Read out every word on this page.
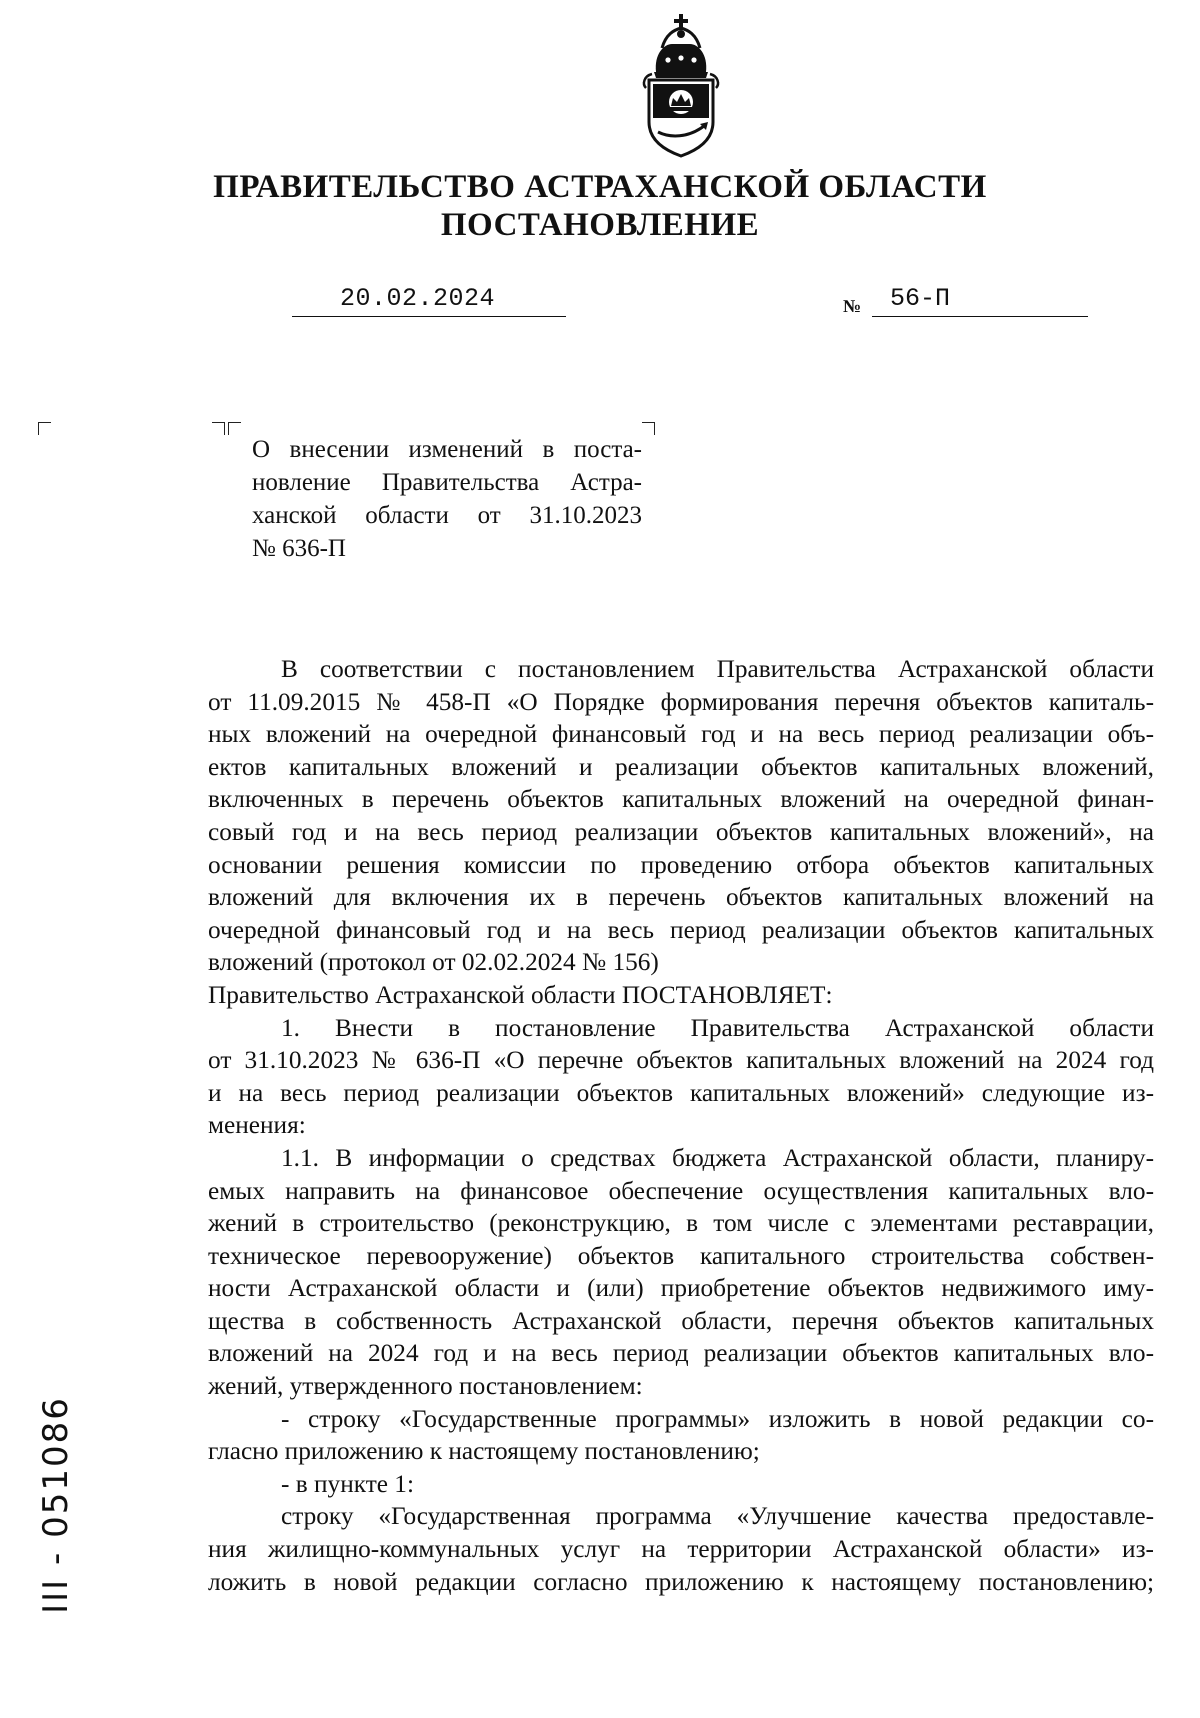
ПРАВИТЕЛЬСТВО АСТРАХАНСКОЙ ОБЛАСТИ
ПОСТАНОВЛЕНИЕ
20.02.2024	№ 56-П
О внесении изменений в поста-
новление Правительства Астра-
ханской области от 31.10.2023
№ 636-П
В соответствии с постановлением Правительства Астраханской области
от 11.09.2015 № 458-П «О Порядке формирования перечня объектов капиталь-
ных вложений на очередной финансовый год и на весь период реализации объ-
ектов капитальных вложений и реализации объектов капитальных вложений,
включенных в перечень объектов капитальных вложений на очередной финан-
совый год и на весь период реализации объектов капитальных вложений», на
основании решения комиссии по проведению отбора объектов капитальных
вложений для включения их в перечень объектов капитальных вложений на
очередной финансовый год и на весь период реализации объектов капитальных
вложений (протокол от 02.02.2024 № 156)
Правительство Астраханской области ПОСТАНОВЛЯЕТ:
1. Внести в постановление Правительства Астраханской области
от 31.10.2023 № 636-П «О перечне объектов капитальных вложений на 2024 год
и на весь период реализации объектов капитальных вложений» следующие из-
менения:
1.1. В информации о средствах бюджета Астраханской области, планиру-
емых направить на финансовое обеспечение осуществления капитальных вло-
жений в строительство (реконструкцию, в том числе с элементами реставрации,
техническое перевооружение) объектов капитального строительства собствен-
ности Астраханской области и (или) приобретение объектов недвижимого иму-
щества в собственность Астраханской области, перечня объектов капитальных
вложений на 2024 год и на весь период реализации объектов капитальных вло-
жений, утвержденного постановлением:
- строку «Государственные программы» изложить в новой редакции со-
гласно приложению к настоящему постановлению;
- в пункте 1:
строку «Государственная программа «Улучшение качества предоставле-
ния жилищно-коммунальных услуг на территории Астраханской области» из-
ложить в новой редакции согласно приложению к настоящему постановлению;
III - 051086
